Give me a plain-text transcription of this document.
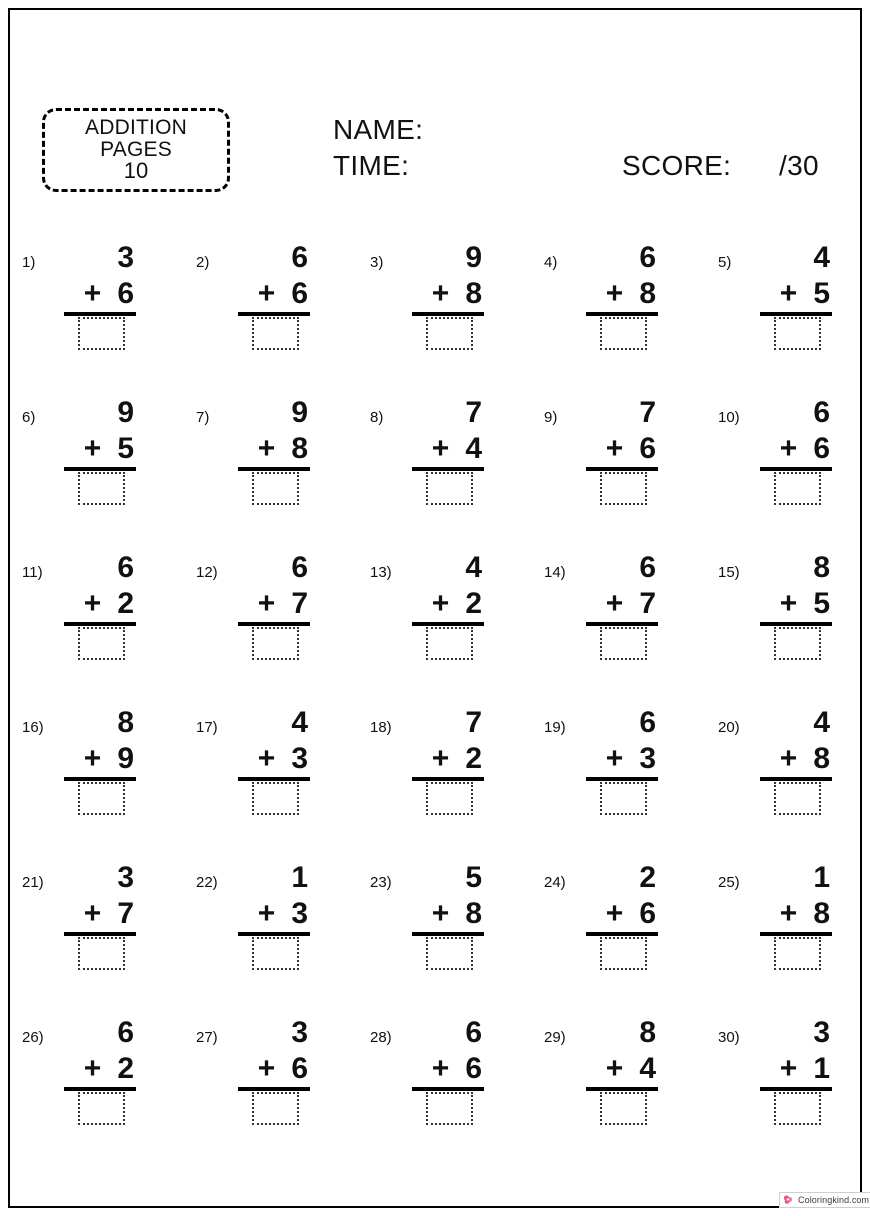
ADDITION
PAGES
10
NAME:
TIME:	SCORE: /30
1)	3
+ 6
2)	6
+ 6
3)	9
+ 8
4)	6
+ 8
5)	4
+ 5
6)	9
+ 5
7)	9
+ 8
8)	7
+ 4
9)	7
+ 6
10)	6
+ 6
11)	6
+ 2
12)	6
+ 7
13)	4
+ 2
14)	6
+ 7
15)	8
+ 5
16)	8
+ 9
17)	4
+ 3
18)	7
+ 2
19)	6
+ 3
20)	4
+ 8
21)	3
+ 7
22)	1
+ 3
23)	5
+ 8
24)	2
+ 6
25)	1
+ 8
26)	6
+ 2
27)	3
+ 6
28)	6
+ 6
29)	8
+ 4
30)	3
+ 1
Coloringkind.com
